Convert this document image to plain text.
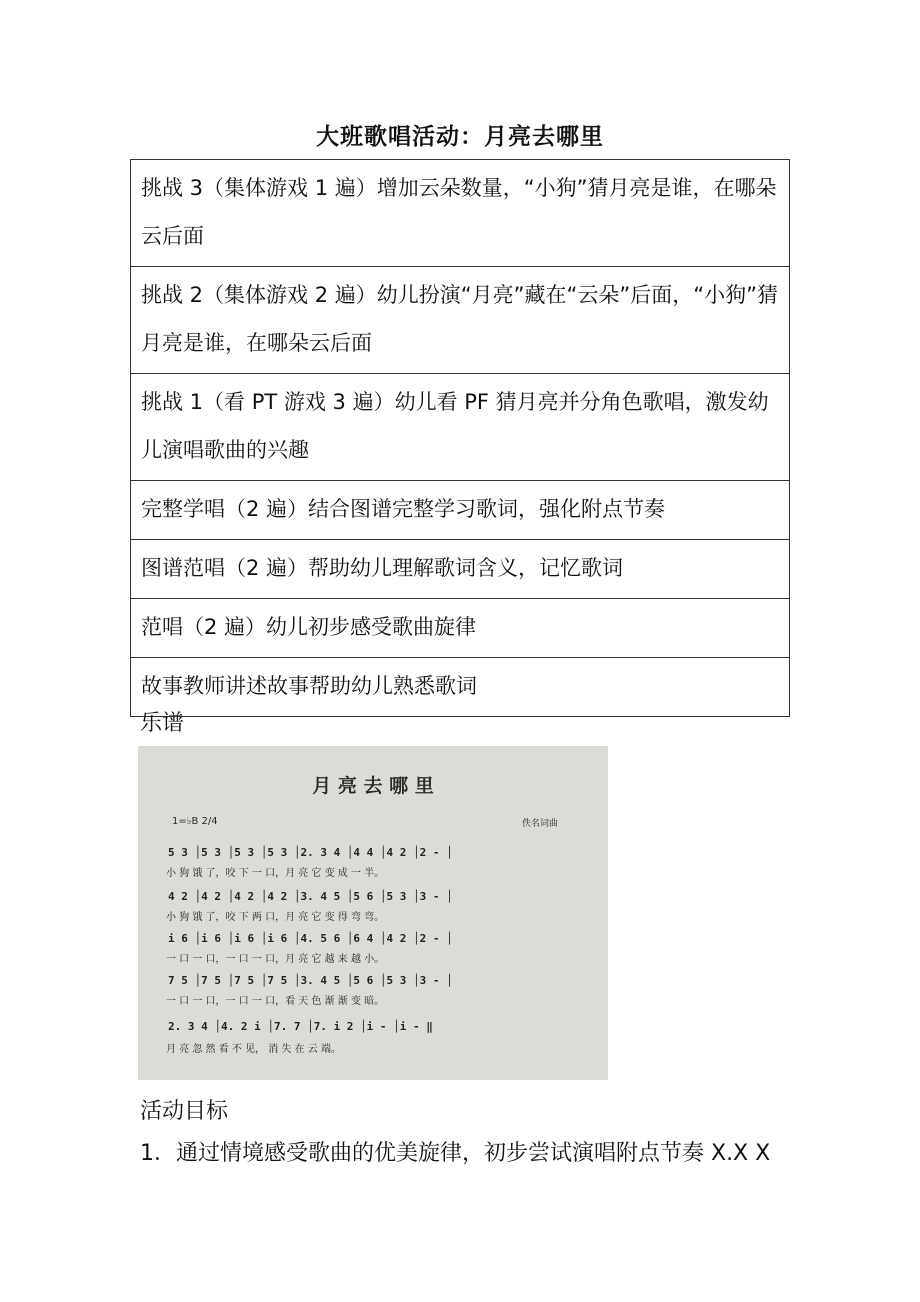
大班歌唱活动：月亮去哪里
挑战 3（集体游戏 1 遍）增加云朵数量，“小狗”猜月亮是谁，在哪朵云后面
挑战 2（集体游戏 2 遍）幼儿扮演“月亮”藏在“云朵”后面，“小狗”猜月亮是谁，在哪朵云后面
挑战 1（看 PT 游戏 3 遍）幼儿看 PF 猜月亮并分角色歌唱，激发幼儿演唱歌曲的兴趣
完整学唱（2 遍）结合图谱完整学习歌词，强化附点节奏
图谱范唱（2 遍）帮助幼儿理解歌词含义，记忆歌词
范唱（2 遍）幼儿初步感受歌曲旋律
故事教师讲述故事帮助幼儿熟悉歌词
乐谱
月 亮 去 哪 里
1=♭B 2/4	佚名词曲
5 3 │5 3 │5 3 │5 3 │2. 3 4 │4 4 │4 2 │2 - │
小 狗 饿 了，咬 下 一 口，月 亮 它 变 成 一 半。
4 2 │4 2 │4 2 │4 2 │3. 4 5 │5 6 │5 3 │3 - │
小 狗 饿 了，咬 下 两 口，月 亮 它 变 得 弯 弯。
i 6 │i 6 │i 6 │i 6 │4. 5 6 │6 4 │4 2 │2 - │
一 口 一 口，一 口 一 口，月 亮 它 越 来 越 小。
7 5 │7 5 │7 5 │7 5 │3. 4 5 │5 6 │5 3 │3 - │
一 口 一 口，一 口 一 口，看 天 色 渐 渐 变 暗。
2. 3 4 │4. 2 i │7. 7 │7. i 2 │i - │i - ‖
月 亮 忽 然 看 不 见， 消 失 在 云 端。
活动目标
1．通过情境感受歌曲的优美旋律，初步尝试演唱附点节奏 X.X X
